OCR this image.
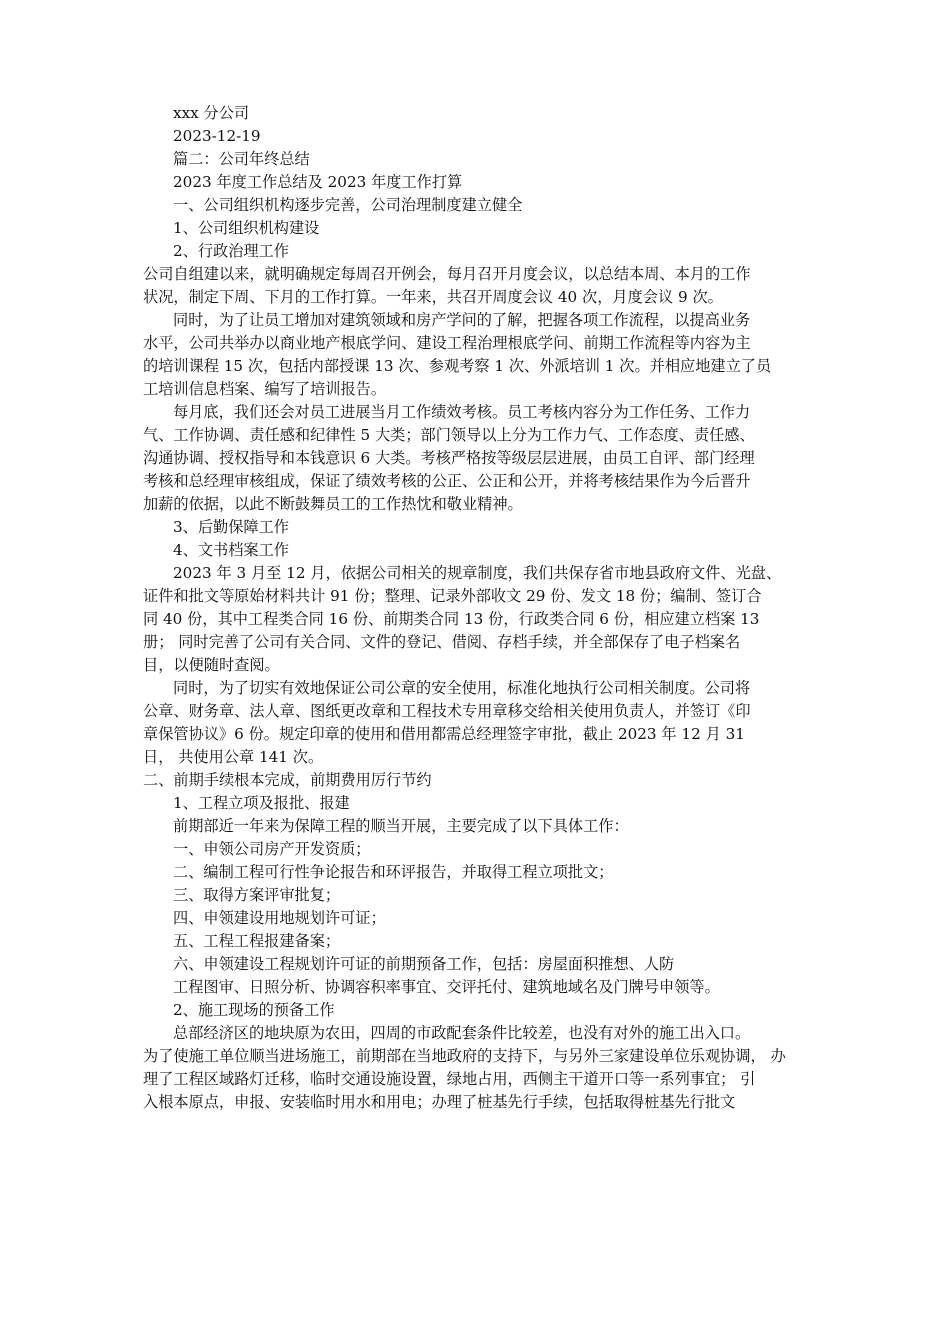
xxx 分公司

2023-12-19

篇二：公司年终总结

2023 年度工作总结及 2023 年度工作打算

一、公司组织机构逐步完善，公司治理制度建立健全

1、公司组织机构建设

2、行政治理工作

公司自组建以来，就明确规定每周召开例会，每月召开月度会议，以总结本周、本月的工作

状况，制定下周、下月的工作打算。一年来，共召开周度会议 40 次，月度会议 9 次。

同时，为了让员工增加对建筑领域和房产学问的了解，把握各项工作流程，以提高业务

水平，公司共举办以商业地产根底学问、建设工程治理根底学问、前期工作流程等内容为主

的培训课程 15 次，包括内部授课 13 次、参观考察 1 次、外派培训 1 次。并相应地建立了员

工培训信息档案、编写了培训报告。

每月底，我们还会对员工进展当月工作绩效考核。员工考核内容分为工作任务、工作力

气、工作协调、责任感和纪律性 5 大类；部门领导以上分为工作力气、工作态度、责任感、

沟通协调、授权指导和本钱意识 6 大类。考核严格按等级层层进展，由员工自评、部门经理

考核和总经理审核组成，保证了绩效考核的公正、公正和公开，并将考核结果作为今后晋升

加薪的依据，以此不断鼓舞员工的工作热忱和敬业精神。

3、后勤保障工作

4、文书档案工作

2023 年 3 月至 12 月，依据公司相关的规章制度，我们共保存省市地县政府文件、光盘、

证件和批文等原始材料共计 91 份；整理、记录外部收文 29 份、发文 18 份；编制、签订合

同 40 份，其中工程类合同 16 份、前期类合同 13 份，行政类合同 6 份，相应建立档案 13

册； 同时完善了公司有关合同、文件的登记、借阅、存档手续，并全部保存了电子档案名

目，以便随时查阅。

同时，为了切实有效地保证公司公章的安全使用，标准化地执行公司相关制度。公司将

公章、财务章、法人章、图纸更改章和工程技术专用章移交给相关使用负责人，并签订《印

章保管协议》6 份。规定印章的使用和借用都需总经理签字审批，截止 2023 年 12 月 31

日， 共使用公章 141 次。

二、前期手续根本完成，前期费用厉行节约

1、工程立项及报批、报建

前期部近一年来为保障工程的顺当开展，主要完成了以下具体工作：

一、申领公司房产开发资质；

二、编制工程可行性争论报告和环评报告，并取得工程立项批文；

三、取得方案评审批复；

四、申领建设用地规划许可证；

五、工程工程报建备案；

六、申领建设工程规划许可证的前期预备工作，包括：房屋面积推想、人防

工程图审、日照分析、协调容积率事宜、交评托付、建筑地域名及门牌号申领等。

2、施工现场的预备工作

总部经济区的地块原为农田，四周的市政配套条件比较差，也没有对外的施工出入口。

为了使施工单位顺当进场施工，前期部在当地政府的支持下，与另外三家建设单位乐观协调， 办

理了工程区域路灯迁移，临时交通设施设置，绿地占用，西侧主干道开口等一系列事宜； 引

入根本原点，申报、安装临时用水和用电；办理了桩基先行手续，包括取得桩基先行批文
